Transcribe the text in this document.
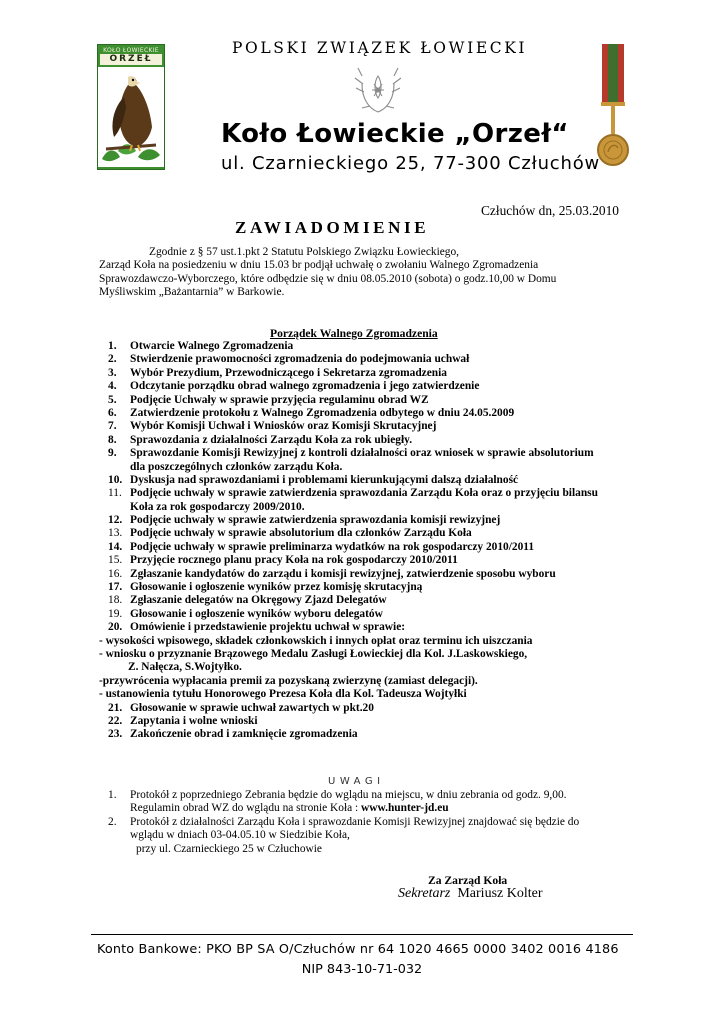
KOŁO ŁOWIECKIE
ORZEŁ
POLSKI ZWIĄZEK ŁOWIECKI
Koło Łowieckie „Orzeł“
ul. Czarnieckiego 25, 77-300 Człuchów
Człuchów dn, 25.03.2010
ZAWIADOMIENIE
Zgodnie z § 57 ust.1.pkt 2 Statutu Polskiego Związku Łowieckiego,
Zarząd Koła na posiedzeniu w dniu 15.03 br podjął uchwałę o zwołaniu Walnego Zgromadzenia
Sprawozdawczo-Wyborczego, które odbędzie się w dniu 08.05.2010 (sobota) o godz.10,00 w Domu
Myśliwskim „Bażantarnia” w Barkowie.
Porządek Walnego Zgromadzenia
1. Otwarcie Walnego Zgromadzenia
2. Stwierdzenie prawomocności zgromadzenia do podejmowania uchwał
3. Wybór Prezydium, Przewodniczącego i Sekretarza zgromadzenia
4. Odczytanie porządku obrad walnego zgromadzenia i jego zatwierdzenie
5. Podjęcie Uchwały w sprawie przyjęcia regulaminu obrad WZ
6. Zatwierdzenie protokołu z Walnego Zgromadzenia odbytego w dniu 24.05.2009
7. Wybór Komisji Uchwał i Wniosków oraz Komisji Skrutacyjnej
8. Sprawozdania z działalności Zarządu Koła za rok ubiegły.
9. Sprawozdanie Komisji Rewizyjnej z kontroli działalności oraz wniosek w sprawie absolutorium
dla poszczególnych członków zarządu Koła.
10. Dyskusja nad sprawozdaniami i problemami kierunkującymi dalszą działalność
11. Podjęcie uchwały w sprawie zatwierdzenia sprawozdania Zarządu Koła oraz o przyjęciu bilansu
Koła za rok gospodarczy 2009/2010.
12. Podjęcie uchwały w sprawie zatwierdzenia sprawozdania komisji rewizyjnej
13. Podjęcie uchwały w sprawie absolutorium dla członków Zarządu Koła
14. Podjęcie uchwały w sprawie preliminarza wydatków na rok gospodarczy 2010/2011
15. Przyjęcie rocznego planu pracy Koła na rok gospodarczy 2010/2011
16. Zgłaszanie kandydatów do zarządu i komisji rewizyjnej, zatwierdzenie sposobu wyboru
17. Głosowanie i ogłoszenie wyników przez komisję skrutacyjną
18. Zgłaszanie delegatów na Okręgowy Zjazd Delegatów
19. Głosowanie i ogłoszenie wyników wyboru delegatów
20. Omówienie i przedstawienie projektu uchwał w sprawie:
- wysokości wpisowego, składek członkowskich i innych opłat oraz terminu ich uiszczania
- wniosku o przyznanie Brązowego Medalu Zasługi Łowieckiej dla Kol. J.Laskowskiego,
Z. Nałęcza, S.Wojtyłko.
-przywrócenia wypłacania premii za pozyskaną zwierzynę (zamiast delegacji).
- ustanowienia tytułu Honorowego Prezesa Koła dla Kol. Tadeusza Wojtyłki
21. Głosowanie w sprawie uchwał zawartych w pkt.20
22. Zapytania i wolne wnioski
23. Zakończenie obrad i zamknięcie zgromadzenia
UWAGI
1. Protokół z poprzedniego Zebrania będzie do wglądu na miejscu, w dniu zebrania od godz. 9,00.
Regulamin obrad WZ do wglądu na stronie Koła : www.hunter-jd.eu
2. Protokół z działalności Zarządu Koła i sprawozdanie Komisji Rewizyjnej znajdować się będzie do
wglądu w dniach 03-04.05.10 w Siedzibie Koła,
przy ul. Czarnieckiego 25 w Człuchowie
Za Zarząd Koła
Sekretarz Mariusz Kolter
Konto Bankowe: PKO BP SA O/Człuchów nr 64 1020 4665 0000 3402 0016 4186
NIP 843-10-71-032
